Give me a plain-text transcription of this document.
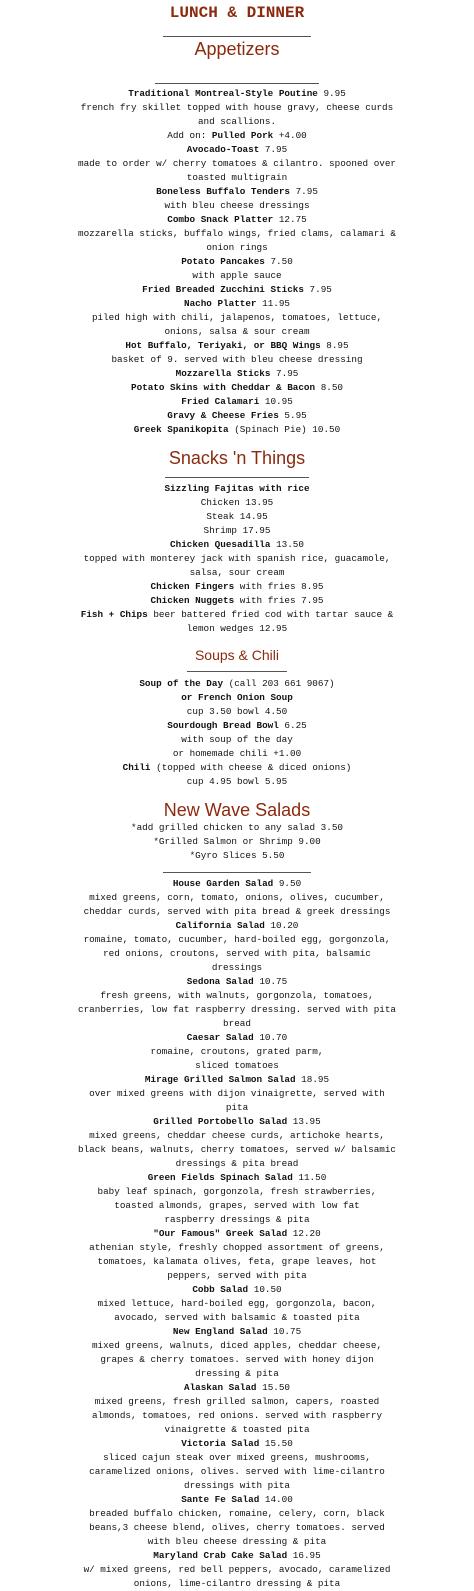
LUNCH & DINNER
Appetizers
Traditional Montreal-Style Poutine 9.95
french fry skillet topped with house gravy, cheese curds and scallions.
Add on: Pulled Pork +4.00
Avocado-Toast 7.95
made to order w/ cherry tomatoes & cilantro. spooned over toasted multigrain
Boneless Buffalo Tenders 7.95
with bleu cheese dressings
Combo Snack Platter 12.75
mozzarella sticks, buffalo wings, fried clams, calamari & onion rings
Potato Pancakes 7.50
with apple sauce
Fried Breaded Zucchini Sticks 7.95
Nacho Platter 11.95
piled high with chili, jalapenos, tomatoes, lettuce, onions, salsa & sour cream
Hot Buffalo, Teriyaki, or BBQ Wings 8.95
basket of 9. served with bleu cheese dressing
Mozzarella Sticks 7.95
Potato Skins with Cheddar & Bacon 8.50
Fried Calamari 10.95
Gravy & Cheese Fries 5.95
Greek Spanikopita (Spinach Pie) 10.50
Snacks 'n Things
Sizzling Fajitas with rice
Chicken 13.95
Steak 14.95
Shrimp 17.95
Chicken Quesadilla 13.50
topped with monterey jack with spanish rice, guacamole, salsa, sour cream
Chicken Fingers with fries 8.95
Chicken Nuggets with fries 7.95
Fish + Chips beer battered fried cod with tartar sauce & lemon wedges 12.95
Soups & Chili
Soup of the Day (call 203 661 9067)
or French Onion Soup
cup 3.50 bowl 4.50
Sourdough Bread Bowl 6.25
with soup of the day
or homemade chili +1.00
Chili (topped with cheese & diced onions)
cup 4.95 bowl 5.95
New Wave Salads
*add grilled chicken to any salad 3.50
*Grilled Salmon or Shrimp 9.00
*Gyro Slices 5.50
House Garden Salad 9.50
mixed greens, corn, tomato, onions, olives, cucumber, cheddar curds, served with pita bread & greek dressings
California Salad 10.20
romaine, tomato, cucumber, hard-boiled egg, gorgonzola, red onions, croutons, served with pita, balsamic dressings
Sedona Salad 10.75
fresh greens, with walnuts, gorgonzola, tomatoes, cranberries, low fat raspberry dressing. served with pita bread
Caesar Salad 10.70
romaine, croutons, grated parm,
sliced tomatoes
Mirage Grilled Salmon Salad 18.95
over mixed greens with dijon vinaigrette, served with pita
Grilled Portobello Salad 13.95
mixed greens, cheddar cheese curds, artichoke hearts, black beans, walnuts, cherry tomatoes, served w/ balsamic dressings & pita bread
Green Fields Spinach Salad 11.50
baby leaf spinach, gorgonzola, fresh strawberries, toasted almonds, grapes, served with low fat
raspberry dressings & pita
"Our Famous" Greek Salad 12.20
athenian style, freshly chopped assortment of greens, tomatoes, kalamata olives, feta, grape leaves, hot peppers, served with pita
Cobb Salad 10.50
mixed lettuce, hard-boiled egg, gorgonzola, bacon, avocado, served with balsamic & toasted pita
New England Salad 10.75
mixed greens, walnuts, diced apples, cheddar cheese, grapes & cherry tomatoes. served with honey dijon dressing & pita
Alaskan Salad 15.50
mixed greens, fresh grilled salmon, capers, roasted almonds, tomatoes, red onions. served with raspberry vinaigrette & toasted pita
Victoria Salad 15.50
sliced cajun steak over mixed greens, mushrooms, caramelized onions, olives. served with lime-cilantro dressings with pita
Sante Fe Salad 14.00
breaded buffalo chicken, romaine, celery, corn, black beans,3 cheese blend, olives, cherry tomatoes. served with bleu cheese dressing & pita
Maryland Crab Cake Salad 16.95
w/ mixed greens, red bell peppers, avocado, caramelized onions, lime-cilantro dressing & pita
